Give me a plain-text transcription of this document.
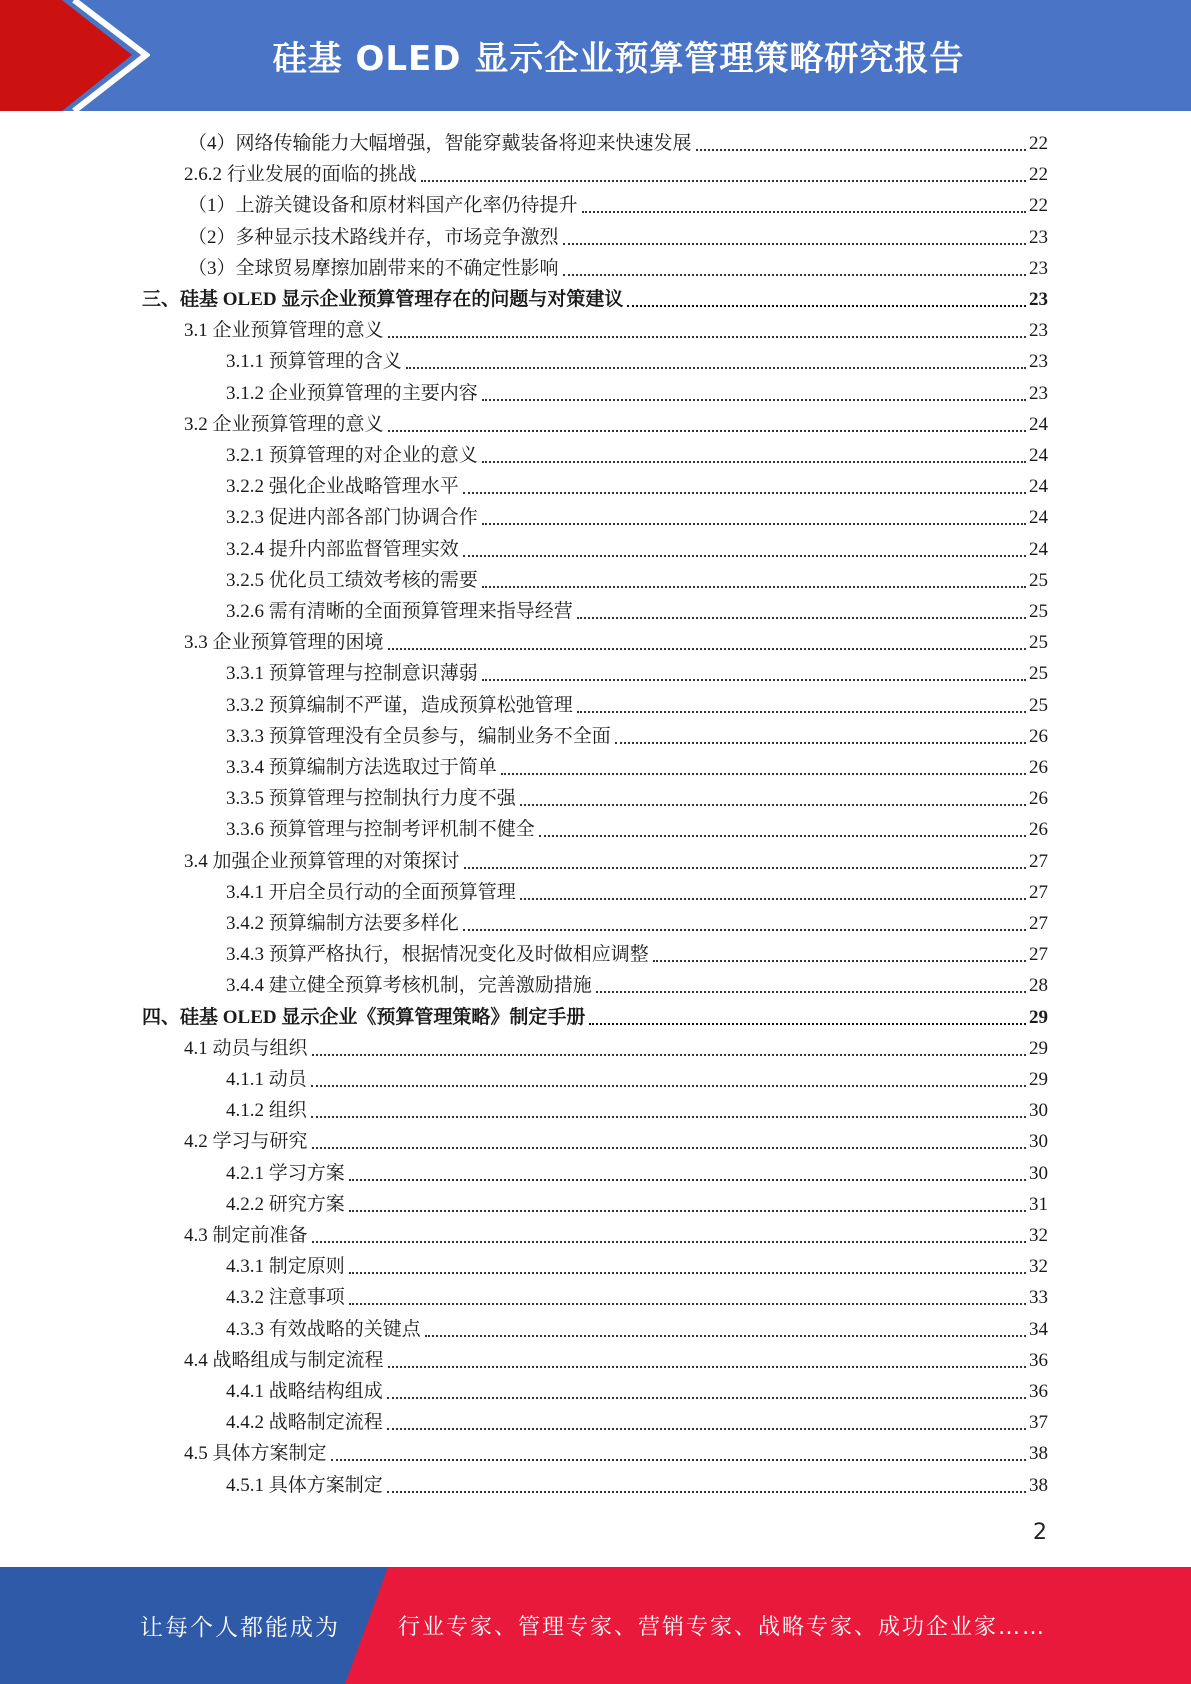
硅基 OLED 显示企业预算管理策略研究报告
（4）网络传输能力大幅增强，智能穿戴装备将迎来快速发展	22
2.6.2 行业发展的面临的挑战	22
（1）上游关键设备和原材料国产化率仍待提升	22
（2）多种显示技术路线并存，市场竞争激烈	23
（3）全球贸易摩擦加剧带来的不确定性影响	23
三、硅基 OLED 显示企业预算管理存在的问题与对策建议	23
3.1 企业预算管理的意义	23
3.1.1 预算管理的含义	23
3.1.2 企业预算管理的主要内容	23
3.2 企业预算管理的意义	24
3.2.1 预算管理的对企业的意义	24
3.2.2 强化企业战略管理水平	24
3.2.3 促进内部各部门协调合作	24
3.2.4 提升内部监督管理实效	24
3.2.5 优化员工绩效考核的需要	25
3.2.6 需有清晰的全面预算管理来指导经营	25
3.3 企业预算管理的困境	25
3.3.1 预算管理与控制意识薄弱	25
3.3.2 预算编制不严谨，造成预算松弛管理	25
3.3.3 预算管理没有全员参与，编制业务不全面	26
3.3.4 预算编制方法选取过于简单	26
3.3.5 预算管理与控制执行力度不强	26
3.3.6 预算管理与控制考评机制不健全	26
3.4 加强企业预算管理的对策探讨	27
3.4.1 开启全员行动的全面预算管理	27
3.4.2 预算编制方法要多样化	27
3.4.3 预算严格执行，根据情况变化及时做相应调整	27
3.4.4 建立健全预算考核机制，完善激励措施	28
四、硅基 OLED 显示企业《预算管理策略》制定手册	29
4.1 动员与组织	29
4.1.1 动员	29
4.1.2 组织	30
4.2 学习与研究	30
4.2.1 学习方案	30
4.2.2 研究方案	31
4.3 制定前准备	32
4.3.1 制定原则	32
4.3.2 注意事项	33
4.3.3 有效战略的关键点	34
4.4 战略组成与制定流程	36
4.4.1 战略结构组成	36
4.4.2 战略制定流程	37
4.5 具体方案制定	38
4.5.1 具体方案制定	38
2
让每个人都能成为	行业专家、管理专家、营销专家、战略专家、成功企业家……
